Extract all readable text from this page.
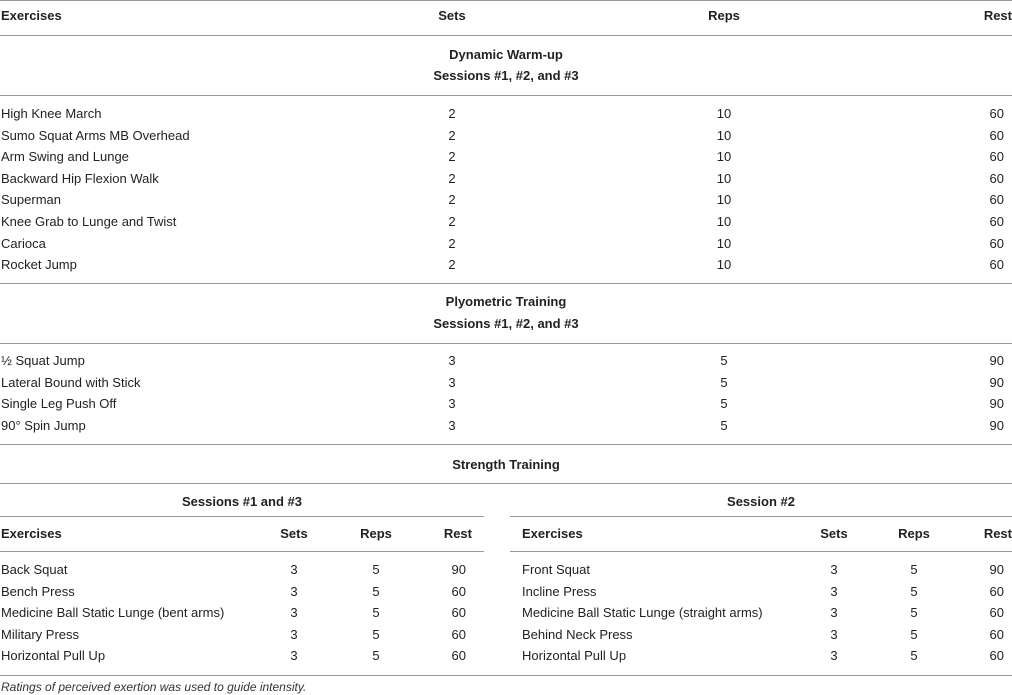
Exercises	Sets	Reps	Rest
Dynamic Warm-up
Sessions #1, #2, and #3
High Knee March	2	10	60
Sumo Squat Arms MB Overhead	2	10	60
Arm Swing and Lunge	2	10	60
Backward Hip Flexion Walk	2	10	60
Superman	2	10	60
Knee Grab to Lunge and Twist	2	10	60
Carioca	2	10	60
Rocket Jump	2	10	60
Plyometric Training
Sessions #1, #2, and #3
½ Squat Jump	3	5	90
Lateral Bound with Stick	3	5	90
Single Leg Push Off	3	5	90
90° Spin Jump	3	5	90
Strength Training
Sessions #1 and #3	Session #2
Exercises	Sets	Reps	Rest	Exercises	Sets	Reps	Rest
Back Squat	3	5	90
Bench Press	3	5	60
Medicine Ball Static Lunge (bent arms)	3	5	60
Military Press	3	5	60
Horizontal Pull Up	3	5	60
Front Squat	3	5	90
Incline Press	3	5	60
Medicine Ball Static Lunge (straight arms)	3	5	60
Behind Neck Press	3	5	60
Horizontal Pull Up	3	5	60
Ratings of perceived exertion was used to guide intensity.
